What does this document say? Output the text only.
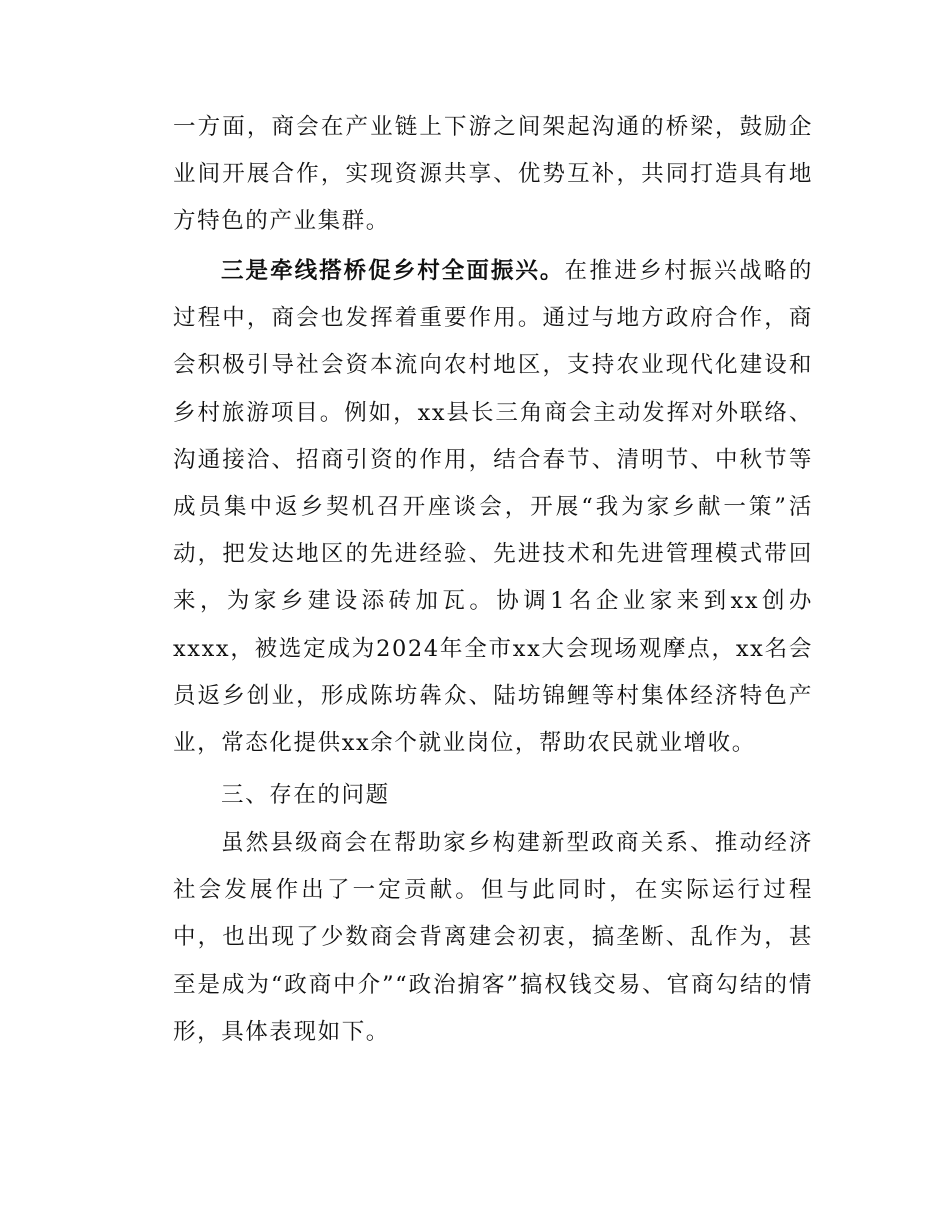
一方面，商会在产业链上下游之间架起沟通的桥梁，鼓励企业间开展合作，实现资源共享、优势互补，共同打造具有地方特色的产业集群。

三是牵线搭桥促乡村全面振兴。在推进乡村振兴战略的过程中，商会也发挥着重要作用。通过与地方政府合作，商会积极引导社会资本流向农村地区，支持农业现代化建设和乡村旅游项目。例如，xx县长三角商会主动发挥对外联络、沟通接洽、招商引资的作用，结合春节、清明节、中秋节等成员集中返乡契机召开座谈会，开展“我为家乡献一策”活动，把发达地区的先进经验、先进技术和先进管理模式带回来，为家乡建设添砖加瓦。协调1名企业家来到xx创办xxxx，被选定成为2024年全市xx大会现场观摩点，xx名会员返乡创业，形成陈坊犇众、陆坊锦鲤等村集体经济特色产业，常态化提供xx余个就业岗位，帮助农民就业增收。

三、存在的问题

虽然县级商会在帮助家乡构建新型政商关系、推动经济社会发展作出了一定贡献。但与此同时，在实际运行过程中，也出现了少数商会背离建会初衷，搞垄断、乱作为，甚至是成为“政商中介”“政治掮客”搞权钱交易、官商勾结的情形，具体表现如下。
